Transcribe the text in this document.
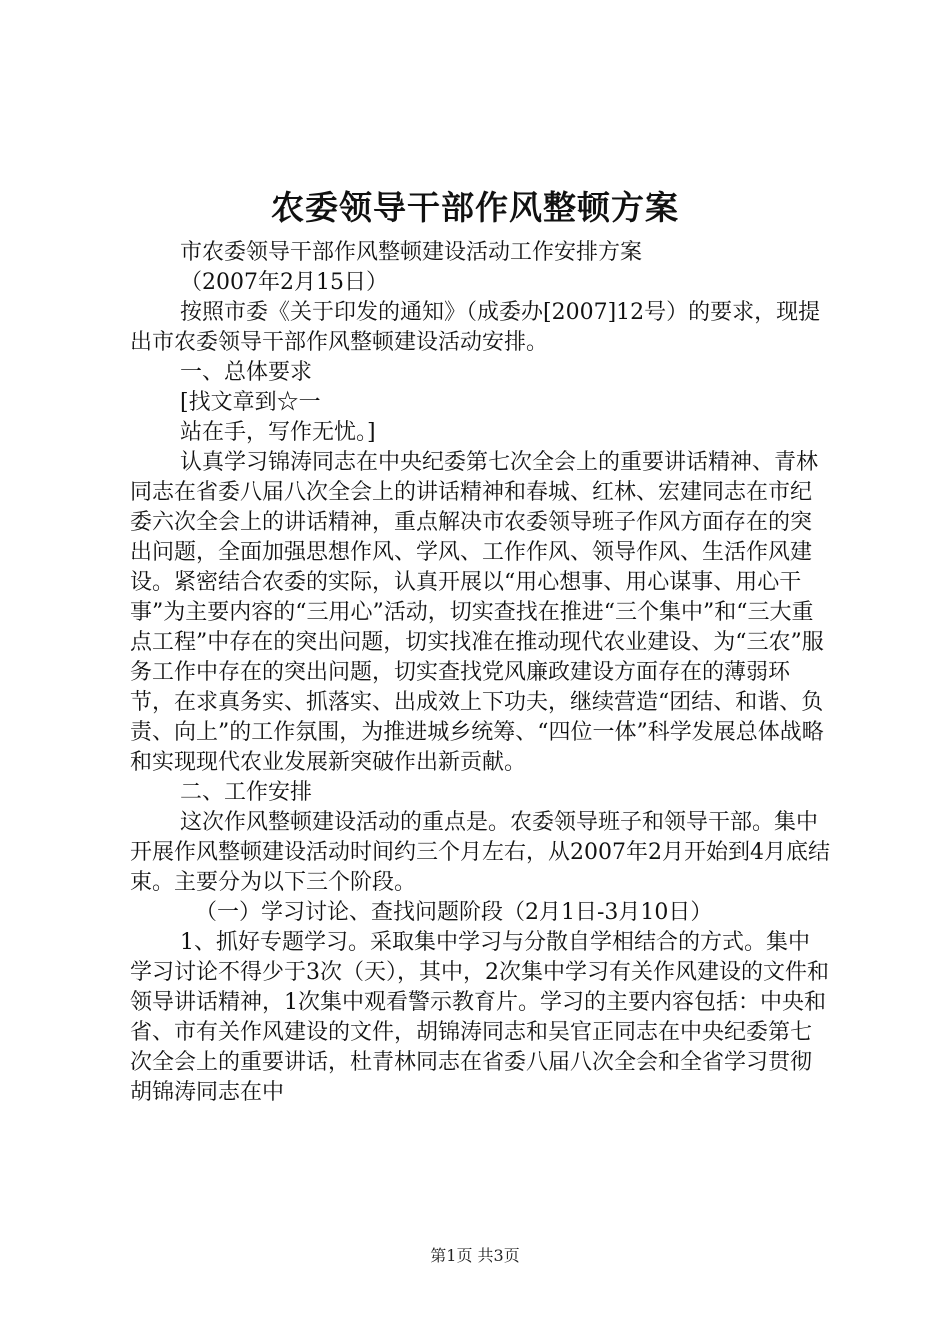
农委领导干部作风整顿方案

市农委领导干部作风整顿建设活动工作安排方案

（2007年2月15日）

按照市委《关于印发的通知》（成委办[2007]12号）的要求，现提出市农委领导干部作风整顿建设活动安排。

一、总体要求

[找文章到☆一

站在手，写作无忧。]

认真学习锦涛同志在中央纪委第七次全会上的重要讲话精神、青林同志在省委八届八次全会上的讲话精神和春城、红林、宏建同志在市纪委六次全会上的讲话精神，重点解决市农委领导班子作风方面存在的突出问题，全面加强思想作风、学风、工作作风、领导作风、生活作风建设。紧密结合农委的实际，认真开展以“用心想事、用心谋事、用心干事”为主要内容的“三用心”活动，切实查找在推进“三个集中”和“三大重点工程”中存在的突出问题，切实找准在推动现代农业建设、为“三农”服务工作中存在的突出问题，切实查找党风廉政建设方面存在的薄弱环节，在求真务实、抓落实、出成效上下功夫，继续营造“团结、和谐、负责、向上”的工作氛围，为推进城乡统筹、“四位一体”科学发展总体战略和实现现代农业发展新突破作出新贡献。

二、工作安排

这次作风整顿建设活动的重点是。农委领导班子和领导干部。集中开展作风整顿建设活动时间约三个月左右，从2007年2月开始到4月底结束。主要分为以下三个阶段。

（一）学习讨论、查找问题阶段（2月1日-3月10日）

1、抓好专题学习。采取集中学习与分散自学相结合的方式。集中学习讨论不得少于3次（天），其中，2次集中学习有关作风建设的文件和领导讲话精神，1次集中观看警示教育片。学习的主要内容包括：中央和省、市有关作风建设的文件，胡锦涛同志和吴官正同志在中央纪委第七次全会上的重要讲话，杜青林同志在省委八届八次全会和全省学习贯彻胡锦涛同志在中

第1页 共3页
